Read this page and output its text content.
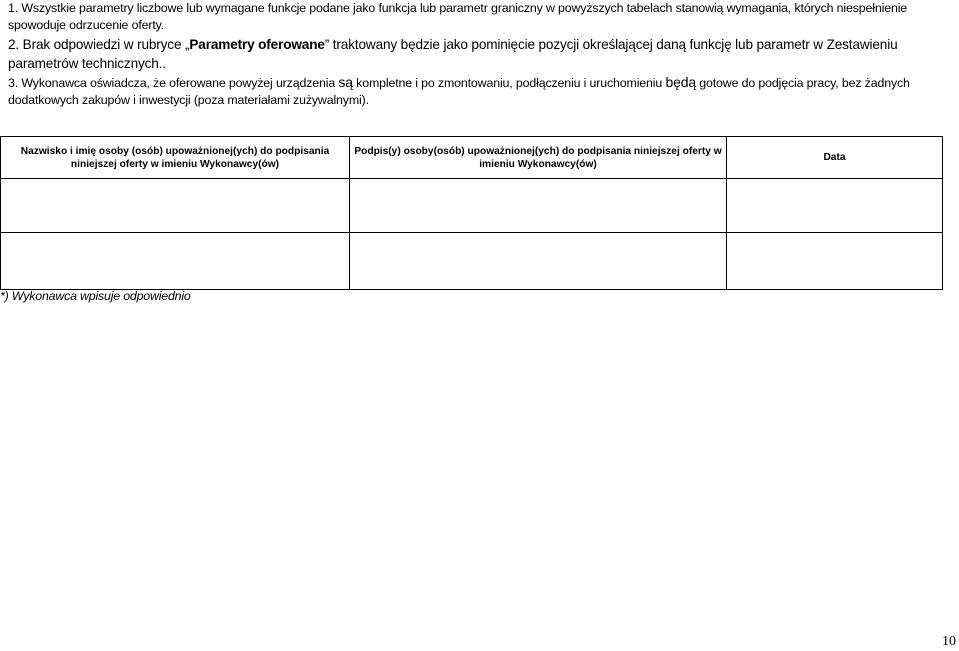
1. Wszystkie parametry liczbowe lub wymagane funkcje podane jako funkcja lub parametr graniczny w powyższych tabelach stanowią wymagania, których niespełnienie spowoduje odrzucenie oferty.

2. Brak odpowiedzi w rubryce „Parametry oferowane” traktowany będzie jako pominięcie pozycji określającej daną funkcję lub parametr w Zestawieniu parametrów technicznych..

3. Wykonawca oświadcza, że oferowane powyżej urządzenia są kompletne i po zmontowaniu, podłączeniu i uruchomieniu będą gotowe do podjęcia pracy, bez żadnych dodatkowych zakupów i inwestycji (poza materiałami zużywalnymi).

Nazwisko i imię osoby (osób) upoważnionej(ych) do podpisania niniejszej oferty w imieniu Wykonawcy(ów)	Podpis(y) osoby(osób) upoważnionej(ych) do podpisania niniejszej oferty w imieniu Wykonawcy(ów)	Data

*) Wykonawca wpisuje odpowiednio
10
